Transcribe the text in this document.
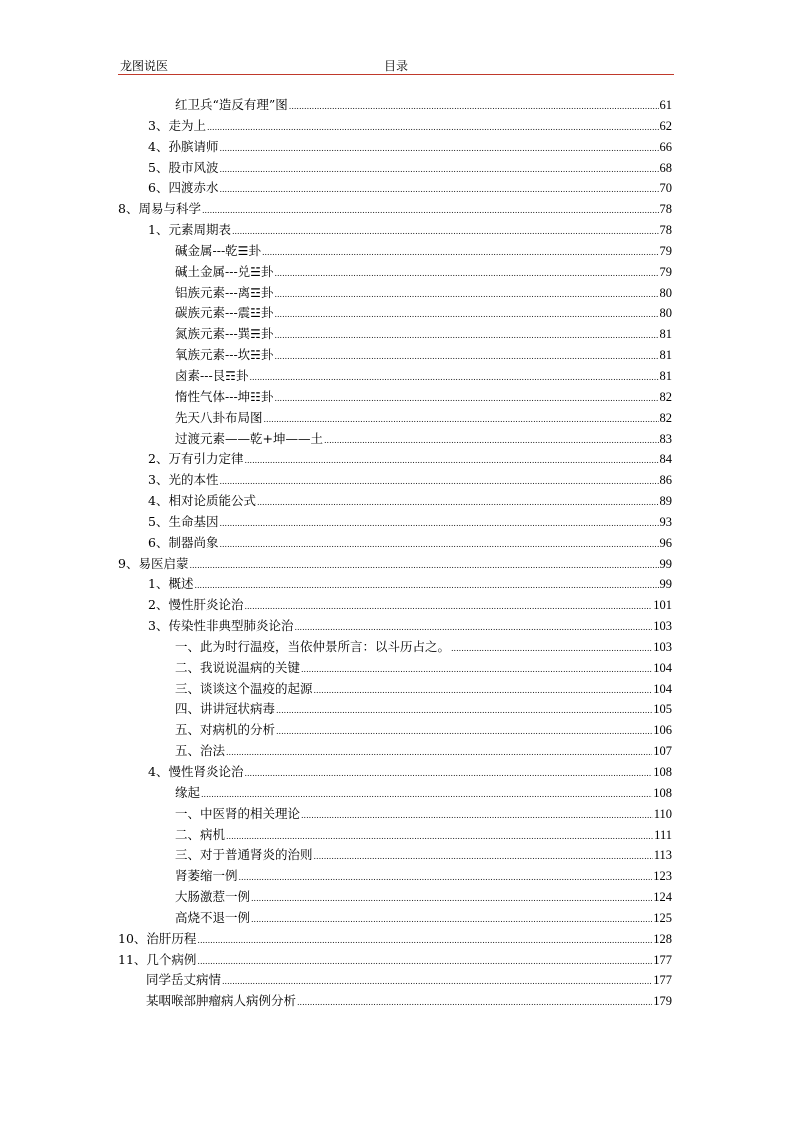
龙图说医	目录
红卫兵“造反有理”图 .....	61
3、走为上 .....	62
4、孙膑请师 .....	66
5、股市风波 .....	68
6、四渡赤水 .....	70
8、周易与科学 .....	78
1、元素周期表 .....	78
碱金属---乾☰卦 .....	79
碱土金属---兑☱卦 .....	79
铝族元素---离☲卦 .....	80
碳族元素---震☳卦 .....	80
氮族元素---巽☴卦 .....	81
氧族元素---坎☵卦 .....	81
卤素---艮☶卦 .....	81
惰性气体---坤☷卦 .....	82
先天八卦布局图 .....	82
过渡元素——乾+坤——土 .....	83
2、万有引力定律 .....	84
3、光的本性 .....	86
4、相对论质能公式 .....	89
5、生命基因 .....	93
6、制器尚象 .....	96
9、易医启蒙 .....	99
1、概述 .....	99
2、慢性肝炎论治 .....	101
3、传染性非典型肺炎论治 .....	103
一、此为时行温疫，当依仲景所言：以斗历占之。 .....	103
二、我说说温病的关键 .....	104
三、谈谈这个温疫的起源 .....	104
四、讲讲冠状病毒 .....	105
五、对病机的分析 .....	106
五、治法 .....	107
4、慢性肾炎论治 .....	108
缘起 .....	108
一、中医肾的相关理论 .....	110
二、病机 .....	111
三、对于普通肾炎的治则 .....	113
肾萎缩一例 .....	123
大肠激惹一例 .....	124
高烧不退一例 .....	125
10、治肝历程 .....	128
11、几个病例 .....	177
同学岳丈病情 .....	177
某咽喉部肿瘤病人病例分析 .....	179
